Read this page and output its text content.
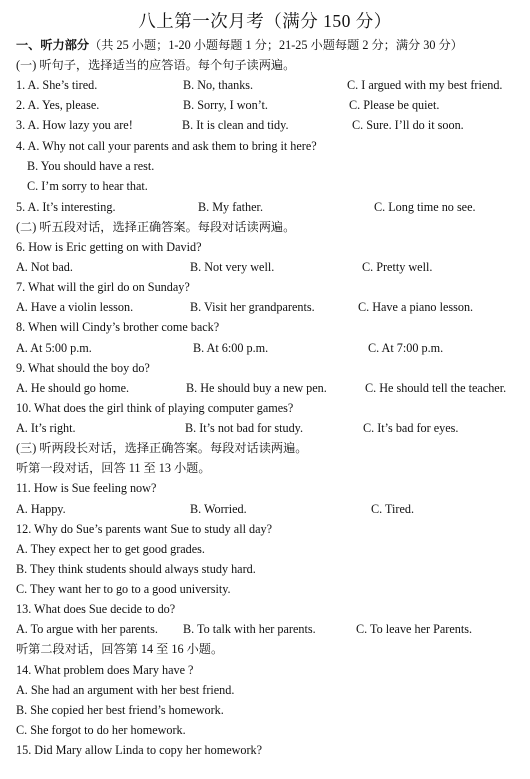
八上第一次月考（满分 150 分）
一、听力部分（共 25 小题；1-20 小题每题 1 分；21-25 小题每题 2 分；满分 30 分）
(一) 听句子，选择适当的应答语。每个句子读两遍。
1. A. She’s tired.	B. No, thanks.	C. I argued with my best friend.
2. A. Yes, please.	B. Sorry, I won’t.	C. Please be quiet.
3. A. How lazy you are!	B. It is clean and tidy.	C. Sure. I’ll do it soon.
4. A. Why not call your parents and ask them to bring it here?
B. You should have a rest.
C. I’m sorry to hear that.
5. A. It’s interesting.	B. My father.	C. Long time no see.
(二) 听五段对话，选择正确答案。每段对话读两遍。
6. How is Eric getting on with David?
A. Not bad.	B. Not very well.	C. Pretty well.
7. What will the girl do on Sunday?
A. Have a violin lesson.	B. Visit her grandparents.	C. Have a piano lesson.
8. When will Cindy’s brother come back?
A. At 5:00 p.m.	B. At 6:00 p.m.	C. At 7:00 p.m.
9. What should the boy do?
A. He should go home.	B. He should buy a new pen.	C. He should tell the teacher.
10. What does the girl think of playing computer games?
A. It’s right.	B. It’s not bad for study.	C. It’s bad for eyes.
(三) 听两段长对话，选择正确答案。每段对话读两遍。
听第一段对话，回答 11 至 13 小题。
11. How is Sue feeling now?
A. Happy.	B. Worried.	C. Tired.
12. Why do Sue’s parents want Sue to study all day?
A. They expect her to get good grades.
B. They think students should always study hard.
C. They want her to go to a good university.
13. What does Sue decide to do?
A. To argue with her parents. B. To talk with her parents.	C. To leave her Parents.
听第二段对话，回答第 14 至 16 小题。
14. What problem does Mary have ?
A. She had an argument with her best friend.
B. She copied her best friend’s homework.
C. She forgot to do her homework.
15. Did Mary allow Linda to copy her homework?
